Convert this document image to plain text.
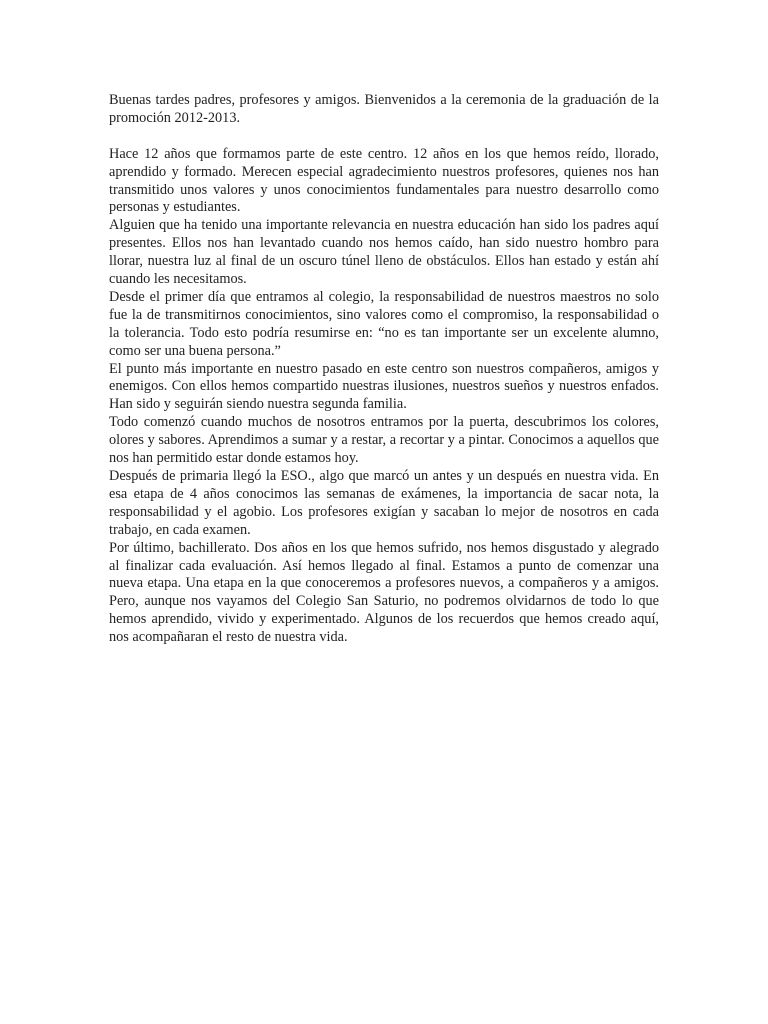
Buenas tardes padres, profesores y amigos. Bienvenidos a la ceremonia de la graduación de la promoción 2012-2013.

Hace 12 años que formamos parte de este centro. 12 años en los que hemos reído, llorado, aprendido y formado. Merecen especial agradecimiento nuestros profesores, quienes nos han transmitido unos valores y unos conocimientos fundamentales para nuestro desarrollo como personas y estudiantes.

Alguien que ha tenido una importante relevancia en nuestra educación han sido los padres aquí presentes. Ellos nos han levantado cuando nos hemos caído, han sido nuestro hombro para llorar, nuestra luz al final de un oscuro túnel lleno de obstáculos. Ellos han estado y están ahí cuando les necesitamos.

Desde el primer día que entramos al colegio, la responsabilidad de nuestros maestros no solo fue la de transmitirnos conocimientos, sino valores como el compromiso, la responsabilidad o la tolerancia. Todo esto podría resumirse en: “no es tan importante ser un excelente alumno, como ser una buena persona.”

El punto más importante en nuestro pasado en este centro son nuestros compañeros, amigos y enemigos. Con ellos hemos compartido nuestras ilusiones, nuestros sueños y nuestros enfados. Han sido y seguirán siendo nuestra segunda familia.

Todo comenzó cuando muchos de nosotros entramos por la puerta, descubrimos los colores, olores y sabores. Aprendimos a sumar y a restar, a recortar y a pintar. Conocimos a aquellos que nos han permitido estar donde estamos hoy.

Después de primaria llegó la ESO., algo que marcó un antes y un después en nuestra vida. En esa etapa de 4 años conocimos las semanas de exámenes, la importancia de sacar nota, la responsabilidad y el agobio. Los profesores exigían y sacaban lo mejor de nosotros en cada trabajo, en cada examen.

Por último, bachillerato. Dos años en los que hemos sufrido, nos hemos disgustado y alegrado al finalizar cada evaluación. Así hemos llegado al final. Estamos a punto de comenzar una nueva etapa. Una etapa en la que conoceremos a profesores nuevos, a compañeros y a amigos. Pero, aunque nos vayamos del Colegio San Saturio, no podremos olvidarnos de todo lo que hemos aprendido, vivido y experimentado. Algunos de los recuerdos que hemos creado aquí, nos acompañaran el resto de nuestra vida.
